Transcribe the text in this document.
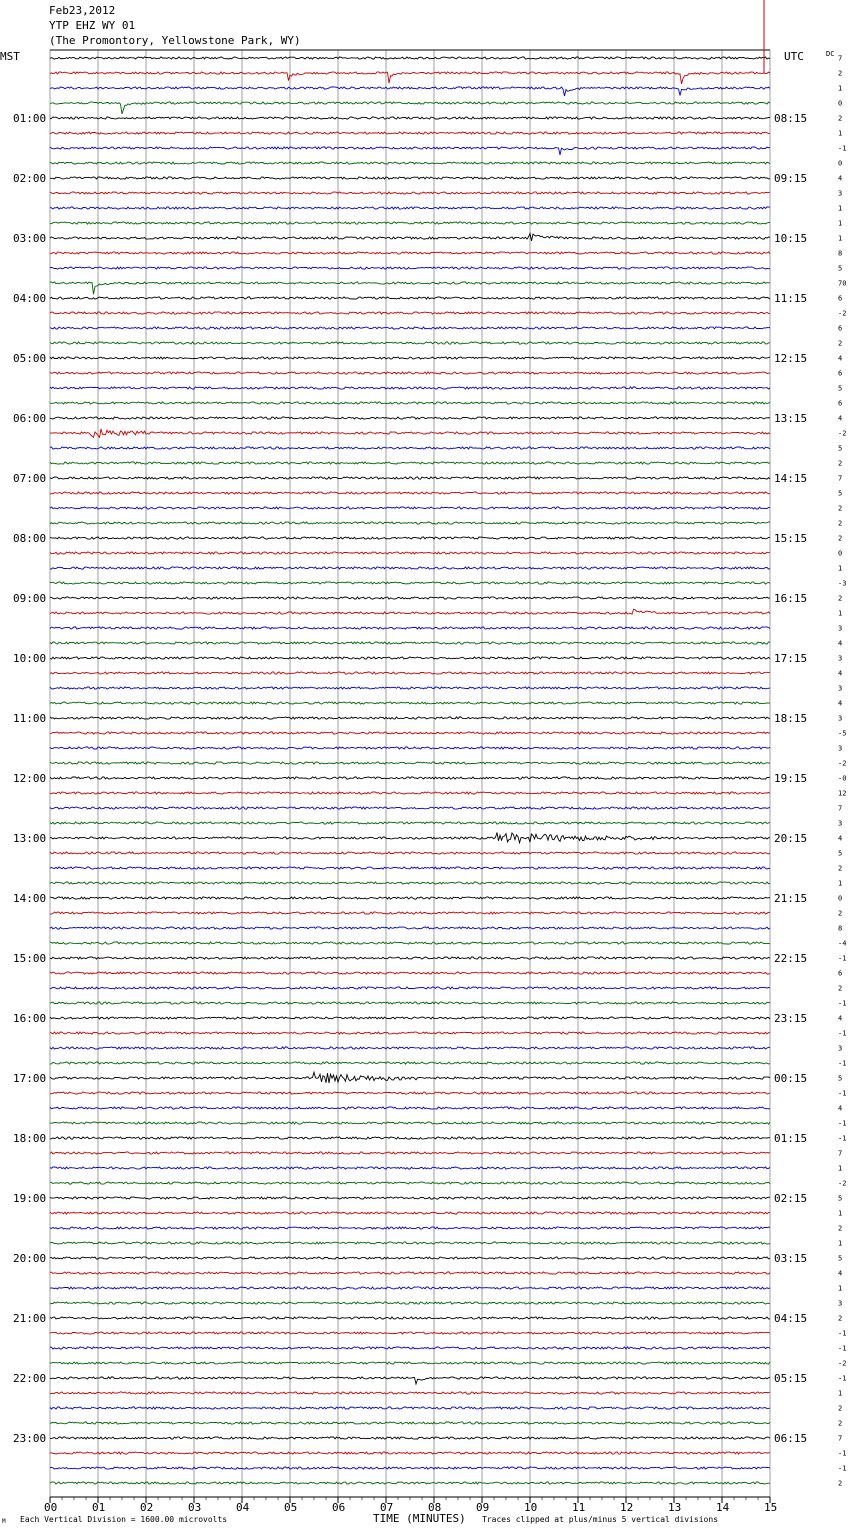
Feb23,2012
YTP EHZ WY 01
(The Promontory, Yellowstone Park, WY)
MST	UTC	DC
01:00	08:15
02:00	09:15
03:00	10:15
04:00	11:15
05:00	12:15
06:00	13:15
07:00	14:15
08:00	15:15
09:00	16:15
10:00	17:15
11:00	18:15
12:00	19:15
13:00	20:15
14:00	21:15
15:00	22:15
16:00	23:15
17:00	00:15
18:00	01:15
19:00	02:15
20:00	03:15
21:00	04:15
22:00	05:15
23:00	06:15
7
2
1
0
2
1
-1
0
4
3
1
1
1
8
5
70
6
-2
6
2
4
6
5
6
4
-2
5
2
7
5
2
2
2
0
1
-3
2
1
3
4
3
4
3
4
3
-5
3
-2
-0
12
7
3
4
5
2
1
0
2
8
-4
-1
6
2
-1
4
-1
3
-1
5
-1
4
-1
-1
7
1
-2
5
1
2
1
5
4
1
3
2
-1
-1
-2
-1
1
2
2
7
-1
-1
2
00	01	02	03	04	05	06	07	08	09	10	11	12	13	14	15
Each Vertical Division = 1600.00 microvolts	TIME (MINUTES) Traces clipped at plus/minus 5 vertical divisions
M
